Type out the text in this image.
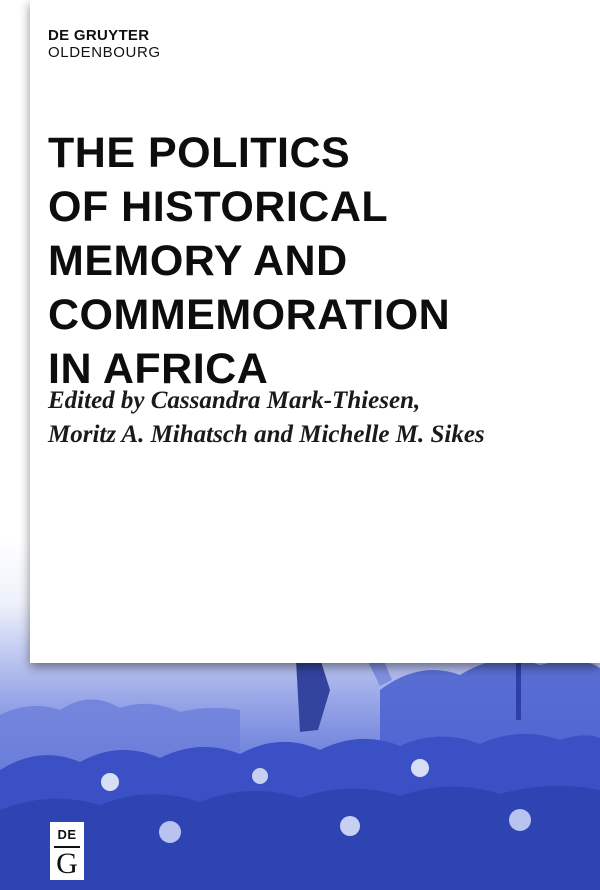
DE GRUYTER
OLDENBOURG
THE POLITICS
OF HISTORICAL
MEMORY AND
COMMEMORATION
IN AFRICA
Edited by Cassandra Mark-Thiesen,
Moritz A. Mihatsch and Michelle M. Sikes
DE
G
